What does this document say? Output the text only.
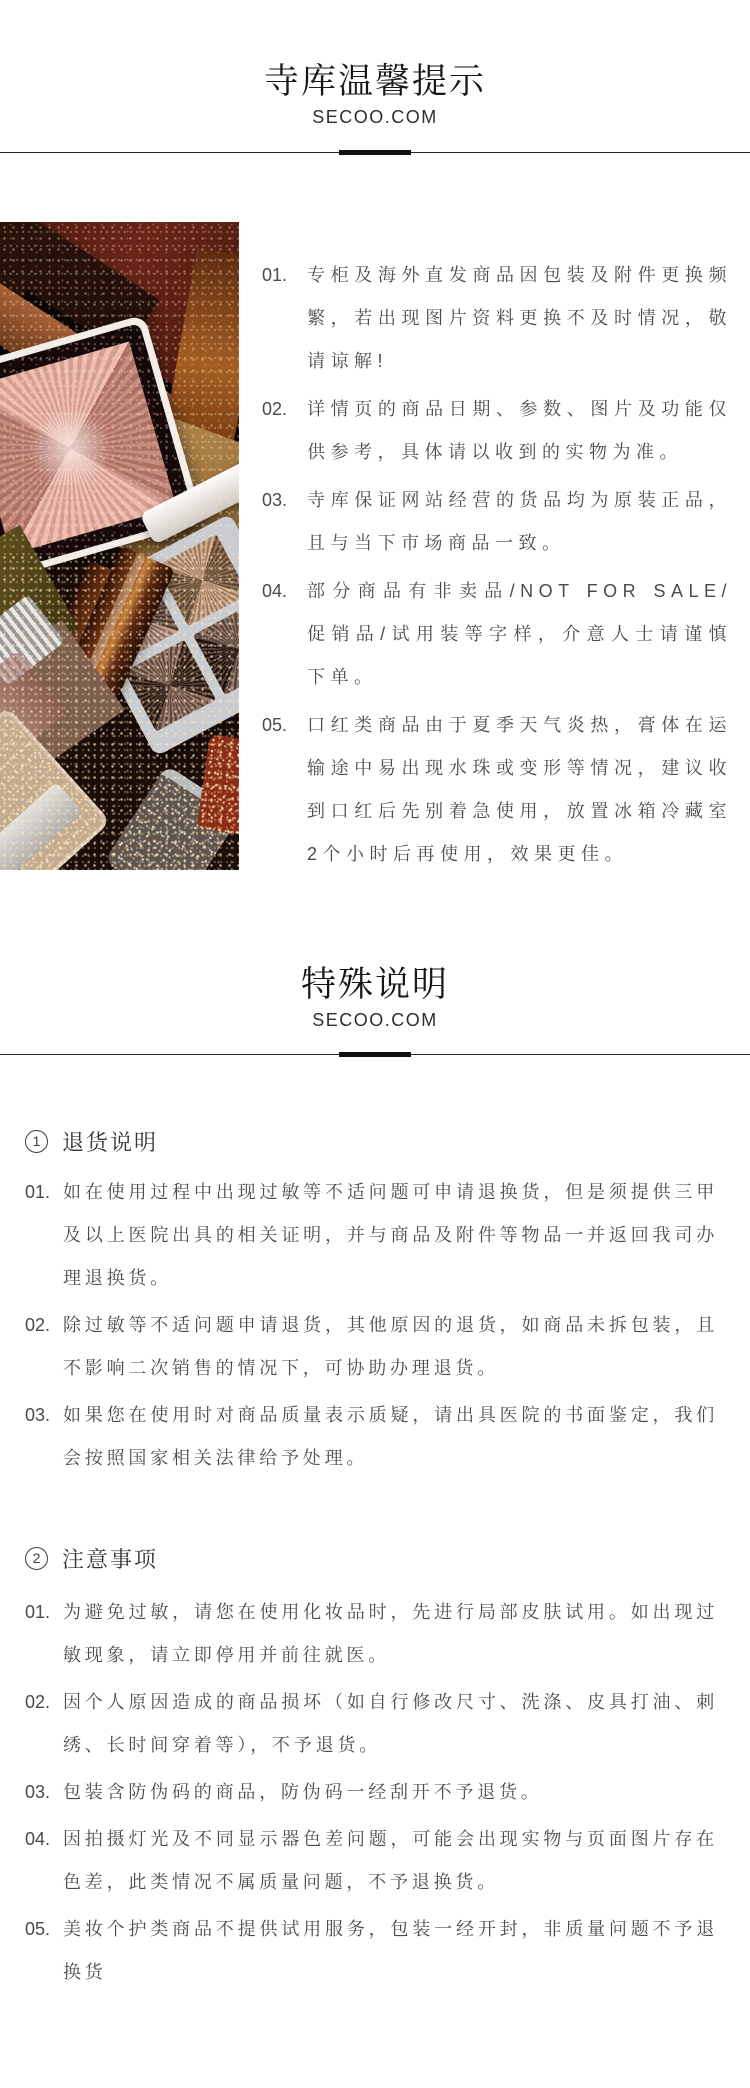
寺库温馨提示
SECOO.COM
01.	专柜及海外直发商品因包装及附件更换频繁，若出现图片资料更换不及时情况，敬请谅解!
02.	详情页的商品日期、参数、图片及功能仅供参考，具体请以收到的实物为准。
03.	寺库保证网站经营的货品均为原装正品，且与当下市场商品一致。
04.	部分商品有非卖品/NOT FOR SALE/促销品/试用装等字样，介意人士请谨慎下单。
05.	口红类商品由于夏季天气炎热，膏体在运输途中易出现水珠或变形等情况，建议收到口红后先别着急使用，放置冰箱冷藏室2个小时后再使用，效果更佳。
特殊说明
SECOO.COM
1 退货说明
01. 如在使用过程中出现过敏等不适问题可申请退换货，但是须提供三甲及以上医院出具的相关证明，并与商品及附件等物品一并返回我司办理退换货。
02. 除过敏等不适问题申请退货，其他原因的退货，如商品未拆包装，且不影响二次销售的情况下，可协助办理退货。
03. 如果您在使用时对商品质量表示质疑，请出具医院的书面鉴定，我们会按照国家相关法律给予处理。
2 注意事项
01. 为避免过敏，请您在使用化妆品时，先进行局部皮肤试用。如出现过敏现象，请立即停用并前往就医。
02. 因个人原因造成的商品损坏（如自行修改尺寸、洗涤、皮具打油、刺绣、长时间穿着等），不予退货。
03. 包装含防伪码的商品，防伪码一经刮开不予退货。
04. 因拍摄灯光及不同显示器色差问题，可能会出现实物与页面图片存在色差，此类情况不属质量问题，不予退换货。
05. 美妆个护类商品不提供试用服务，包装一经开封，非质量问题不予退换货
